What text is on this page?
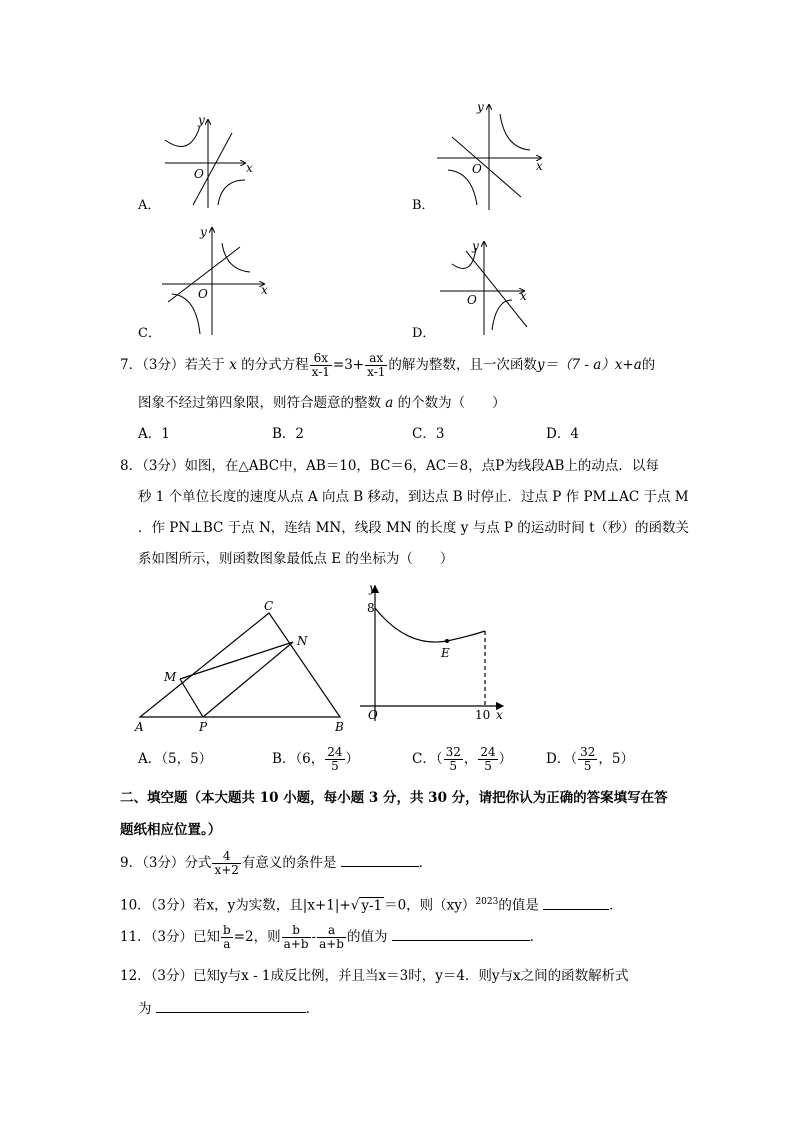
y
x
O
y
x
O
y
x
O
y
x
O
A．	B．
C．	D．
7．（3分）若关于 x 的分式方程 $\frac{6x}{x-1} =3+ \frac{ax}{x-1}$ 的解为整数，且一次函数y＝（7 - a）x+a的
图象不经过第四象限，则符合题意的整数 a 的个数为（　　）
A．1	B．2	C．3	D．4
8．（3分）如图，在△ABC中，AB＝10，BC＝6，AC＝8，点P为线段AB上的动点．以每
秒 1 个单位长度的速度从点 A 向点 B 移动，到达点 B 时停止．过点 P 作 PM⊥AC 于点 M
．作 PN⊥BC 于点 N，连结 MN，线段 MN 的长度 y 与点 P 的运动时间 t（秒）的函数关
系如图所示，则函数图象最低点 E 的坐标为（　　）
A	B
C
M
N
P
y
x
O
E
8
10
A．（5，5）	B．（6， $\frac{24}{5}$ ）	C．（ $\frac{32}{5}$ ， $\frac{24}{5}$ ）	D．（ $\frac{32}{5}$ ，5）
二、填空题（本大题共 10 小题，每小题 3 分，共 30 分，请把你认为正确的答案填写在答
题纸相应位置。）
9．（3分）分式 $\frac{4}{x+2}$ 有意义的条件是	．
10．（3分）若x，y为实数，且|x+1|+√ y-1 ＝0，则（xy）$^{2023}$的值是	．
11．（3分）已知 $\frac{b}{a} =2$，则 $\frac{b}{a+b} - \frac{a}{a+b}$ 的值为	．
12．（3分）已知y与x - 1成反比例，并且当x＝3时，y＝4．则y与x之间的函数解析式
为	．
